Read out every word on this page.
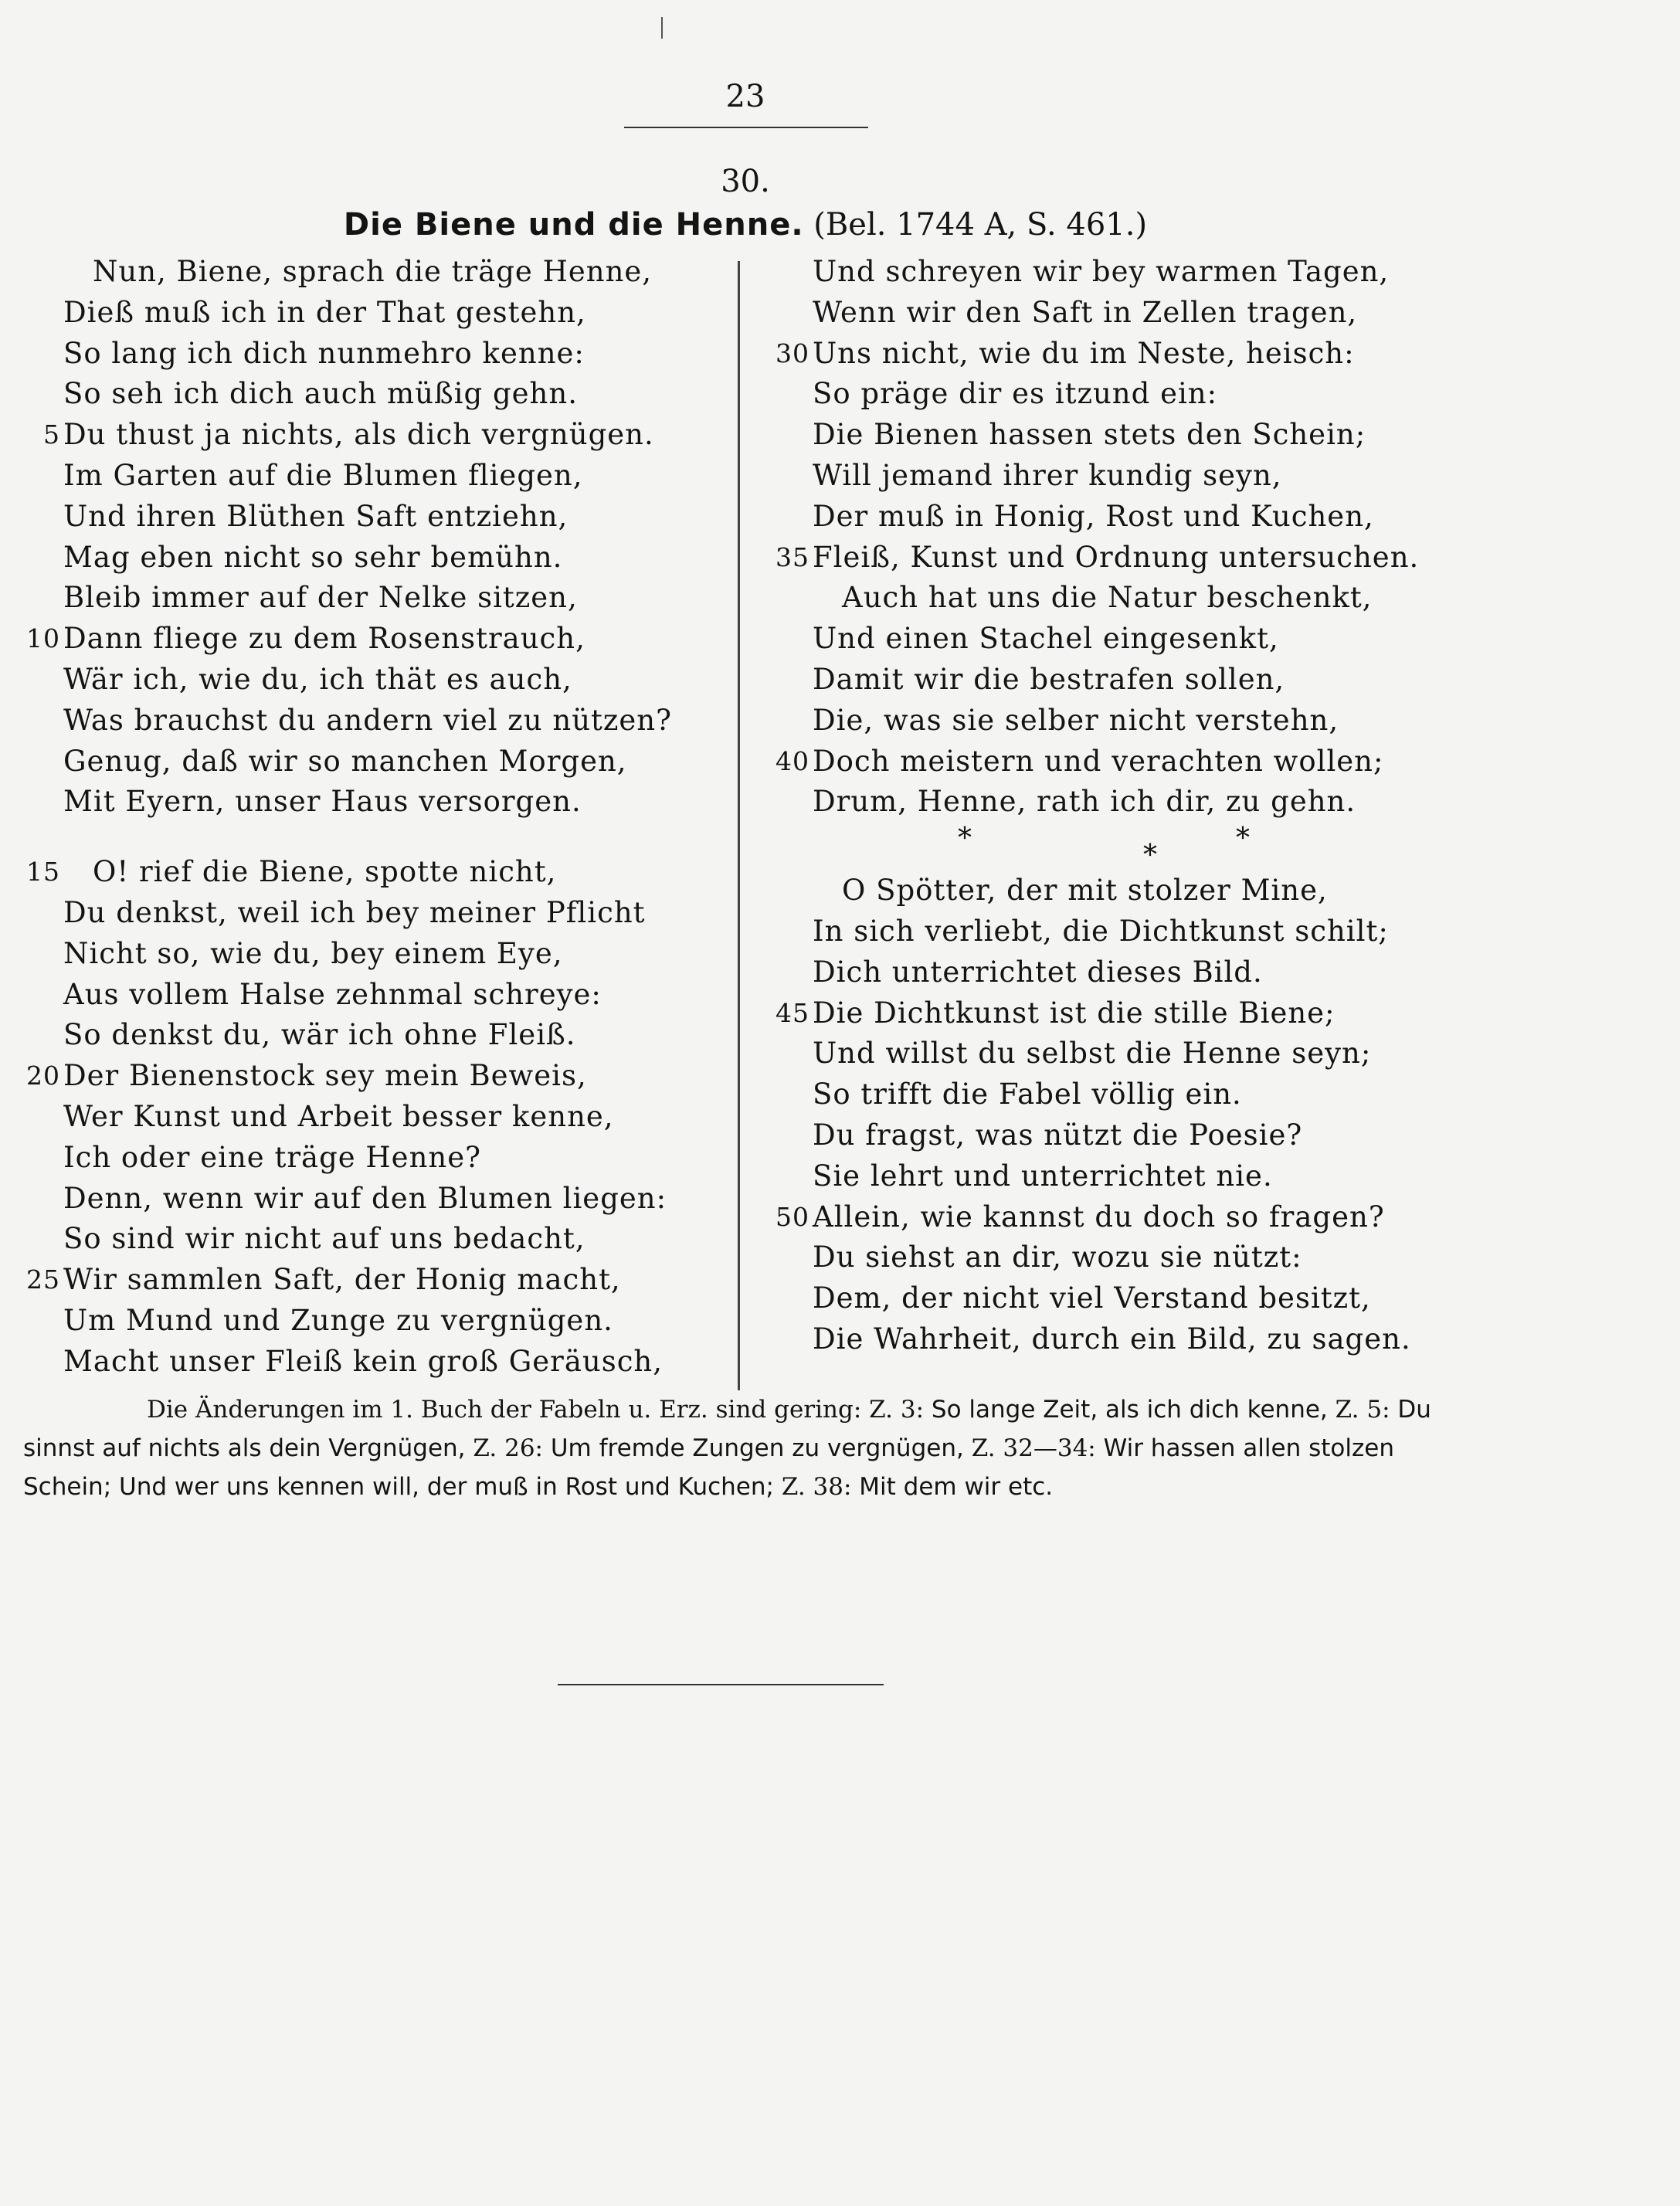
23
30.
Die Biene und die Henne. (Bel. 1744 A, S. 461.)
Nun, Biene, sprach die träge Henne,
Dieß muß ich in der That gestehn,
So lang ich dich nunmehro kenne:
So seh ich dich auch müßig gehn.
5 Du thust ja nichts, als dich vergnügen.
Im Garten auf die Blumen fliegen,
Und ihren Blüthen Saft entziehn,
Mag eben nicht so sehr bemühn.
Bleib immer auf der Nelke sitzen,
10 Dann fliege zu dem Rosenstrauch,
Wär ich, wie du, ich thät es auch,
Was brauchst du andern viel zu nützen?
Genug, daß wir so manchen Morgen,
Mit Eyern, unser Haus versorgen.
15 O! rief die Biene, spotte nicht,
Du denkst, weil ich bey meiner Pflicht
Nicht so, wie du, bey einem Eye,
Aus vollem Halse zehnmal schreye:
So denkst du, wär ich ohne Fleiß.
20 Der Bienenstock sey mein Beweis,
Wer Kunst und Arbeit besser kenne,
Ich oder eine träge Henne?
Denn, wenn wir auf den Blumen liegen:
So sind wir nicht auf uns bedacht,
25 Wir sammlen Saft, der Honig macht,
Um Mund und Zunge zu vergnügen.
Macht unser Fleiß kein groß Geräusch,
Und schreyen wir bey warmen Tagen,
Wenn wir den Saft in Zellen tragen,
30 Uns nicht, wie du im Neste, heisch:
So präge dir es itzund ein:
Die Bienen hassen stets den Schein;
Will jemand ihrer kundig seyn,
Der muß in Honig, Rost und Kuchen,
35 Fleiß, Kunst und Ordnung untersuchen.
Auch hat uns die Natur beschenkt,
Und einen Stachel eingesenkt,
Damit wir die bestrafen sollen,
Die, was sie selber nicht verstehn,
40 Doch meistern und verachten wollen;
Drum, Henne, rath ich dir, zu gehn.
*
*
*
O Spötter, der mit stolzer Mine,
In sich verliebt, die Dichtkunst schilt;
Dich unterrichtet dieses Bild.
45 Die Dichtkunst ist die stille Biene;
Und willst du selbst die Henne seyn;
So trifft die Fabel völlig ein.
Du fragst, was nützt die Poesie?
Sie lehrt und unterrichtet nie.
50 Allein, wie kannst du doch so fragen?
Du siehst an dir, wozu sie nützt:
Dem, der nicht viel Verstand besitzt,
Die Wahrheit, durch ein Bild, zu sagen.
Die Änderungen im 1. Buch der Fabeln u. Erz. sind gering: Z. 3: So lange Zeit, als ich dich kenne, Z. 5: Du sinnst auf nichts als dein Vergnügen, Z. 26: Um fremde Zungen zu vergnügen, Z. 32—34: Wir hassen allen stolzen Schein; Und wer uns kennen will, der muß in Rost und Kuchen; Z. 38: Mit dem wir etc.
